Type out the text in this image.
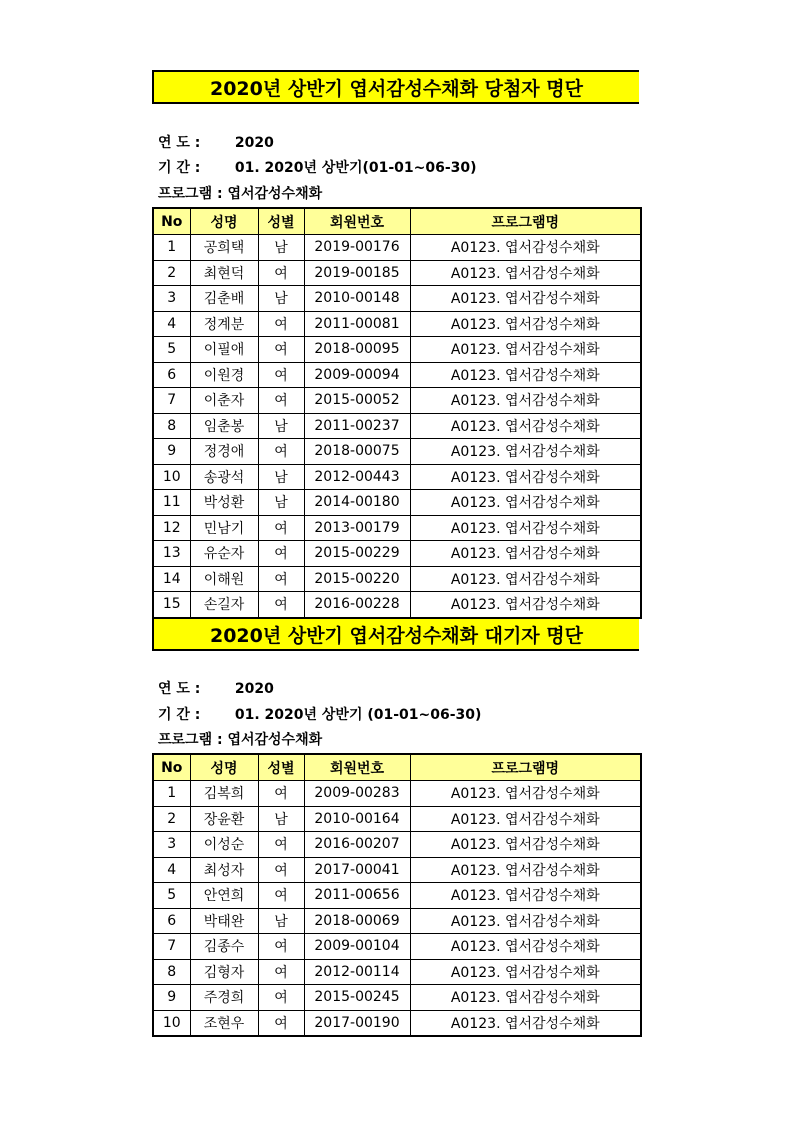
2020년 상반기 엽서감성수채화 당첨자 명단
연 도 : 2020
기 간 : 01. 2020년 상반기(01-01~06-30)
프로그램 : 엽서감성수채화
No	성명	성별	회원번호	프로그램명
1	공희택	남	2019-00176	A0123. 엽서감성수채화
2	최현덕	여	2019-00185	A0123. 엽서감성수채화
3	김춘배	남	2010-00148	A0123. 엽서감성수채화
4	정계분	여	2011-00081	A0123. 엽서감성수채화
5	이필애	여	2018-00095	A0123. 엽서감성수채화
6	이원경	여	2009-00094	A0123. 엽서감성수채화
7	이춘자	여	2015-00052	A0123. 엽서감성수채화
8	임춘봉	남	2011-00237	A0123. 엽서감성수채화
9	정경애	여	2018-00075	A0123. 엽서감성수채화
10	송광석	남	2012-00443	A0123. 엽서감성수채화
11	박성환	남	2014-00180	A0123. 엽서감성수채화
12	민남기	여	2013-00179	A0123. 엽서감성수채화
13	유순자	여	2015-00229	A0123. 엽서감성수채화
14	이해원	여	2015-00220	A0123. 엽서감성수채화
15	손길자	여	2016-00228	A0123. 엽서감성수채화
2020년 상반기 엽서감성수채화 대기자 명단
연 도 : 2020
기 간 : 01. 2020년 상반기 (01-01~06-30)
프로그램 : 엽서감성수채화
No	성명	성별	회원번호	프로그램명
1	김복희	여	2009-00283	A0123. 엽서감성수채화
2	장윤환	남	2010-00164	A0123. 엽서감성수채화
3	이성순	여	2016-00207	A0123. 엽서감성수채화
4	최성자	여	2017-00041	A0123. 엽서감성수채화
5	안연희	여	2011-00656	A0123. 엽서감성수채화
6	박태완	남	2018-00069	A0123. 엽서감성수채화
7	김종수	여	2009-00104	A0123. 엽서감성수채화
8	김형자	여	2012-00114	A0123. 엽서감성수채화
9	주경희	여	2015-00245	A0123. 엽서감성수채화
10	조현우	여	2017-00190	A0123. 엽서감성수채화
